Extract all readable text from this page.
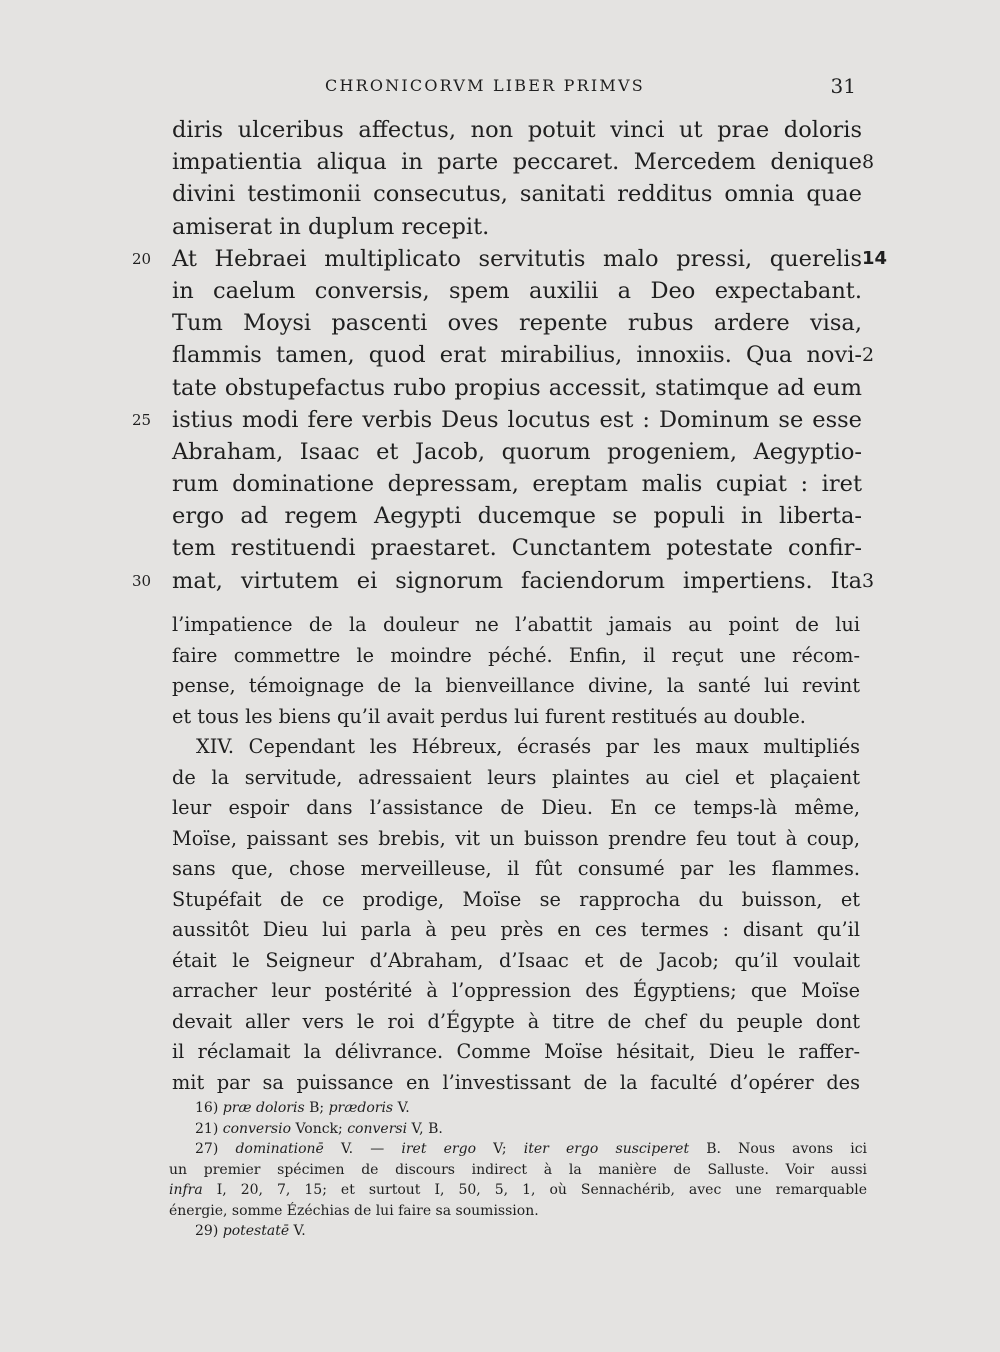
CHRONICORVM LIBER PRIMVS	31
diris ulceribus affectus, non potuit vinci ut prae doloris
impatientia aliqua in parte peccaret. Mercedem denique 8
divini testimonii consecutus, sanitati redditus omnia quae
amiserat in duplum recepit.
At Hebraei multiplicato servitutis malo pressi, querelis
20	14
in caelum conversis, spem auxilii a Deo expectabant.
Tum Moysi pascenti oves repente rubus ardere visa,
flammis tamen, quod erat mirabilius, innoxiis. Qua novi- 2
tate obstupefactus rubo propius accessit, statimque ad eum
istius modi fere verbis Deus locutus est : Dominum se esse
25
Abraham, Isaac et Jacob, quorum progeniem, Aegyptio-
rum dominatione depressam, ereptam malis cupiat : iret
ergo ad regem Aegypti ducemque se populi in liberta-
tem restituendi praestaret. Cunctantem potestate confir-
mat, virtutem ei signorum faciendorum impertiens. Ita
30	3
l’impatience de la douleur ne l’abattit jamais au point de lui
faire commettre le moindre péché. Enfin, il reçut une récom-
pense, témoignage de la bienveillance divine, la santé lui revint
et tous les biens qu’il avait perdus lui furent restitués au double.
XIV. Cependant les Hébreux, écrasés par les maux multipliés
de la servitude, adressaient leurs plaintes au ciel et plaçaient
leur espoir dans l’assistance de Dieu. En ce temps-là même,
Moïse, paissant ses brebis, vit un buisson prendre feu tout à coup,
sans que, chose merveilleuse, il fût consumé par les flammes.
Stupéfait de ce prodige, Moïse se rapprocha du buisson, et
aussitôt Dieu lui parla à peu près en ces termes : disant qu’il
était le Seigneur d’Abraham, d’Isaac et de Jacob; qu’il voulait
arracher leur postérité à l’oppression des Égyptiens; que Moïse
devait aller vers le roi d’Égypte à titre de chef du peuple dont
il réclamait la délivrance. Comme Moïse hésitait, Dieu le raffer-
mit par sa puissance en l’investissant de la faculté d’opérer des
16) præ doloris B; prædoris V.
21) conversio Vonck; conversi V, B.
27) dominationē V. — iret ergo V; iter ergo susciperet B. Nous avons ici
un premier spécimen de discours indirect à la manière de Salluste. Voir aussi
infra I, 20, 7, 15; et surtout I, 50, 5, 1, où Sennachérib, avec une remarquable
énergie, somme Ézéchias de lui faire sa soumission.
29) potestatē V.
